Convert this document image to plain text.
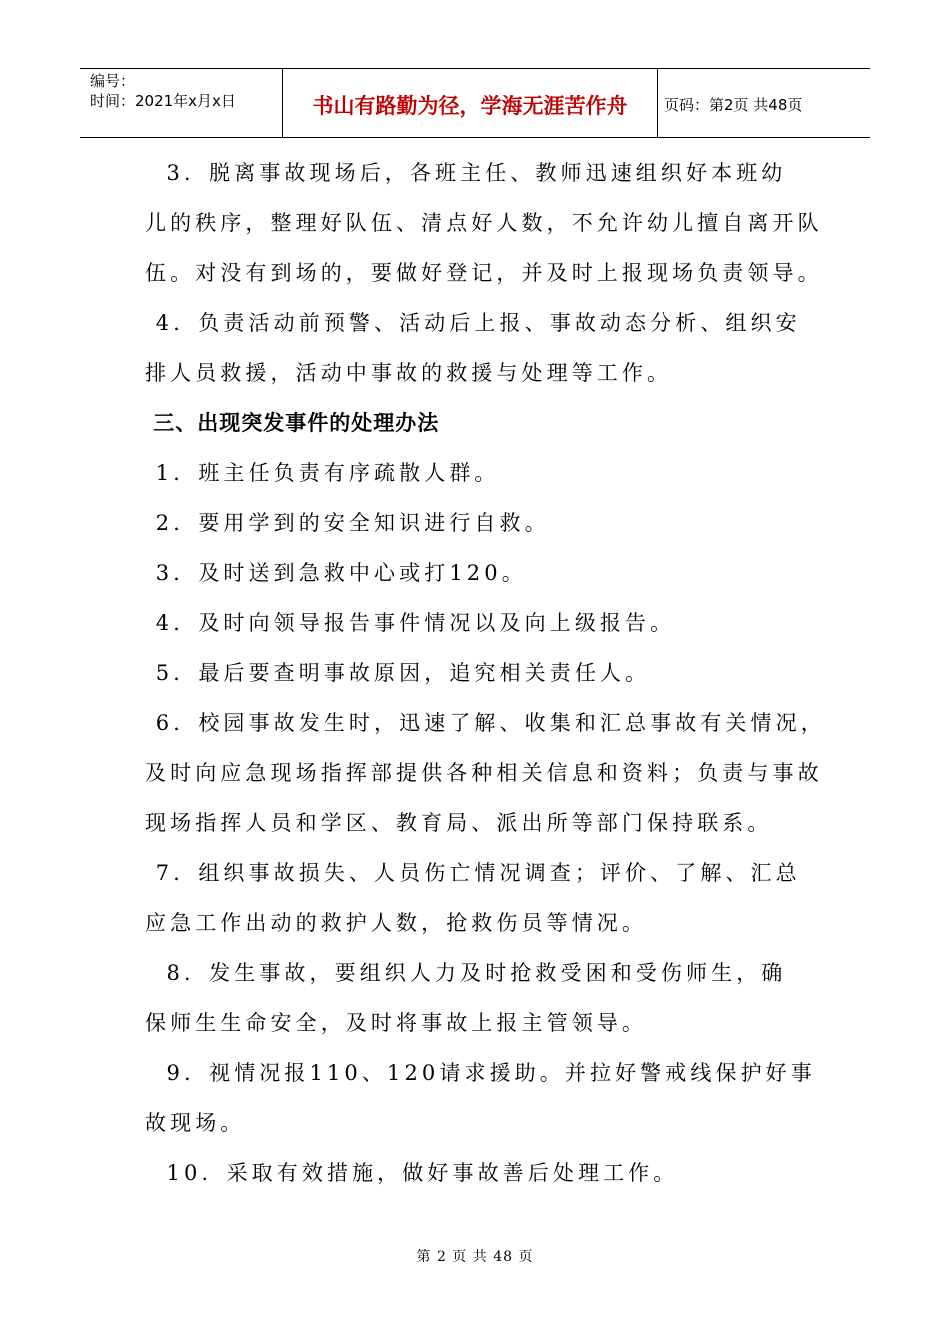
编号：
时间：2021年x月x日	书山有路勤为径，学海无涯苦作舟	页码：第2页 共48页
3．脱离事故现场后，各班主任、教师迅速组织好本班幼
儿的秩序，整理好队伍、清点好人数，不允许幼儿擅自离开队
伍。对没有到场的，要做好登记，并及时上报现场负责领导。
4．负责活动前预警、活动后上报、事故动态分析、组织安
排人员救援，活动中事故的救援与处理等工作。
三、出现突发事件的处理办法
1．班主任负责有序疏散人群。
2．要用学到的安全知识进行自救。
3．及时送到急救中心或打120。
4．及时向领导报告事件情况以及向上级报告。
5．最后要查明事故原因，追究相关责任人。
6．校园事故发生时，迅速了解、收集和汇总事故有关情况，
及时向应急现场指挥部提供各种相关信息和资料；负责与事故
现场指挥人员和学区、教育局、派出所等部门保持联系。
7．组织事故损失、人员伤亡情况调查；评价、了解、汇总
应急工作出动的救护人数，抢救伤员等情况。
8．发生事故，要组织人力及时抢救受困和受伤师生，确
保师生生命安全，及时将事故上报主管领导。
9．视情况报110、120请求援助。并拉好警戒线保护好事
故现场。
10．采取有效措施，做好事故善后处理工作。
第 2 页 共 48 页
